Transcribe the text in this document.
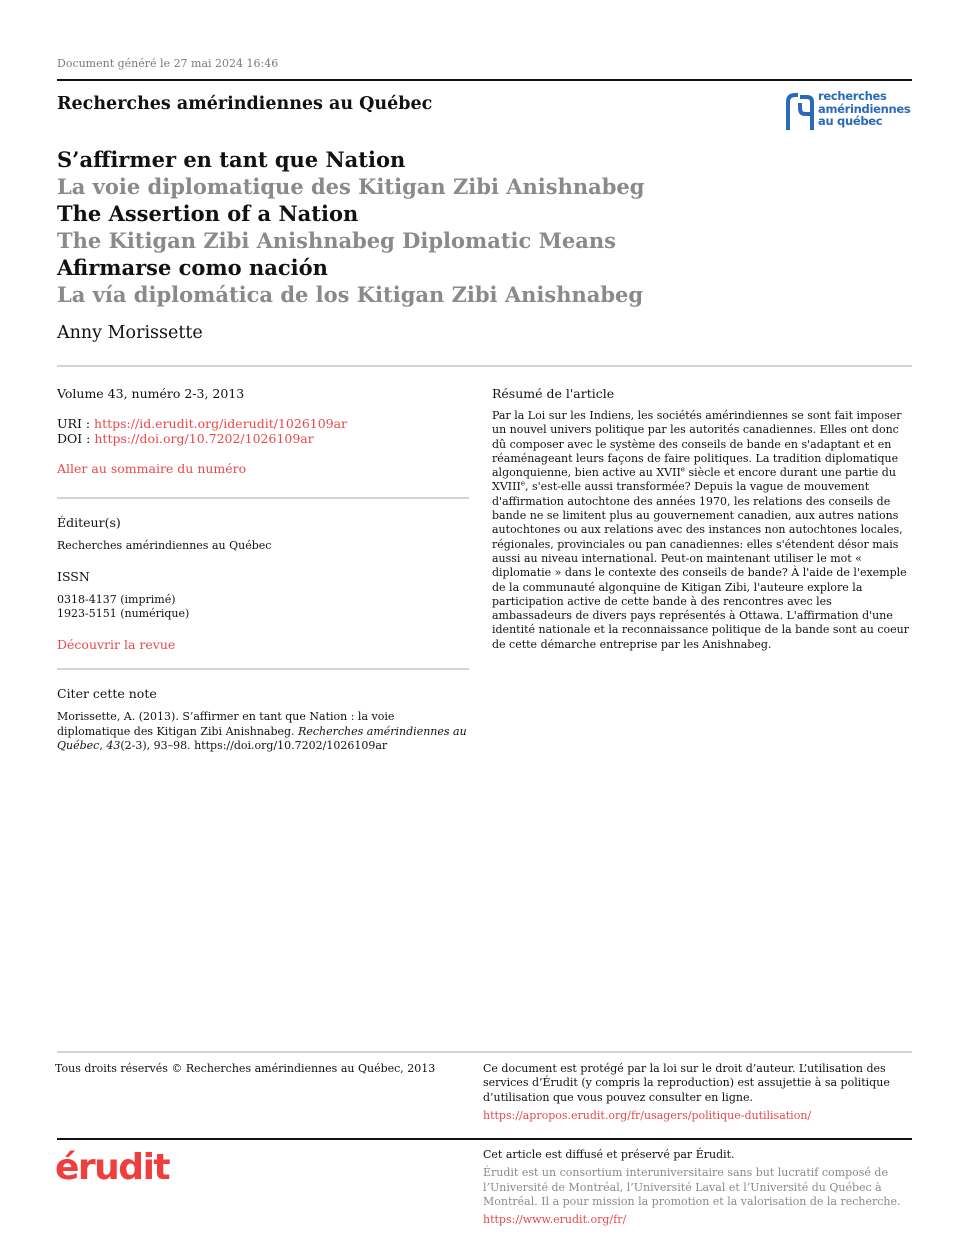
Document généré le 27 mai 2024 16:46
Recherches amérindiennes au Québec	recherches
amérindiennes
au québec
S’affirmer en tant que Nation
La voie diplomatique des Kitigan Zibi Anishnabeg
The Assertion of a Nation
The Kitigan Zibi Anishnabeg Diplomatic Means
Afirmarse como nación
La vía diplomática de los Kitigan Zibi Anishnabeg
Anny Morissette
Volume 43, numéro 2-3, 2013
URI : https://id.erudit.org/iderudit/1026109ar
DOI : https://doi.org/10.7202/1026109ar
Aller au sommaire du numéro
Éditeur(s)
Recherches amérindiennes au Québec
ISSN
0318-4137 (imprimé)
1923-5151 (numérique)
Découvrir la revue
Citer cette note
Morissette, A. (2013). S’affirmer en tant que Nation : la voie diplomatique des Kitigan Zibi Anishnabeg. Recherches amérindiennes au Québec, 43(2-3), 93–98. https://doi.org/10.7202/1026109ar
Résumé de l'article
Par la Loi sur les Indiens, les sociétés amérindiennes se sont fait imposer un nouvel univers politique par les autorités canadiennes. Elles ont donc dû composer avec le système des conseils de bande en s'adaptant et en réaménageant leurs façons de faire politiques. La tradition diplomatique algonquienne, bien active au XVIIe siècle et encore durant une partie du XVIIIe, s'est-elle aussi transformée? Depuis la vague de mouvement d'affirmation autochtone des années 1970, les relations des conseils de bande ne se limitent plus au gouvernement canadien, aux autres nations autochtones ou aux relations avec des instances non autochtones locales, régionales, provinciales ou pan canadiennes: elles s'étendent désor mais aussi au niveau international. Peut-on maintenant utiliser le mot « diplomatie » dans le contexte des conseils de bande? À l'aide de l'exemple de la communauté algonquine de Kitigan Zibi, l'auteure explore la participation active de cette bande à des rencontres avec les ambassadeurs de divers pays représentés à Ottawa. L'affirmation d'une identité nationale et la reconnaissance politique de la bande sont au coeur de cette démarche entreprise par les Anishnabeg.
Tous droits réservés © Recherches amérindiennes au Québec, 2013	Ce document est protégé par la loi sur le droit d’auteur. L’utilisation des services d’Érudit (y compris la reproduction) est assujettie à sa politique d’utilisation que vous pouvez consulter en ligne.
https://apropos.erudit.org/fr/usagers/politique-dutilisation/
érudit	Cet article est diffusé et préservé par Érudit.
Érudit est un consortium interuniversitaire sans but lucratif composé de l’Université de Montréal, l’Université Laval et l’Université du Québec à Montréal. Il a pour mission la promotion et la valorisation de la recherche.
https://www.erudit.org/fr/
